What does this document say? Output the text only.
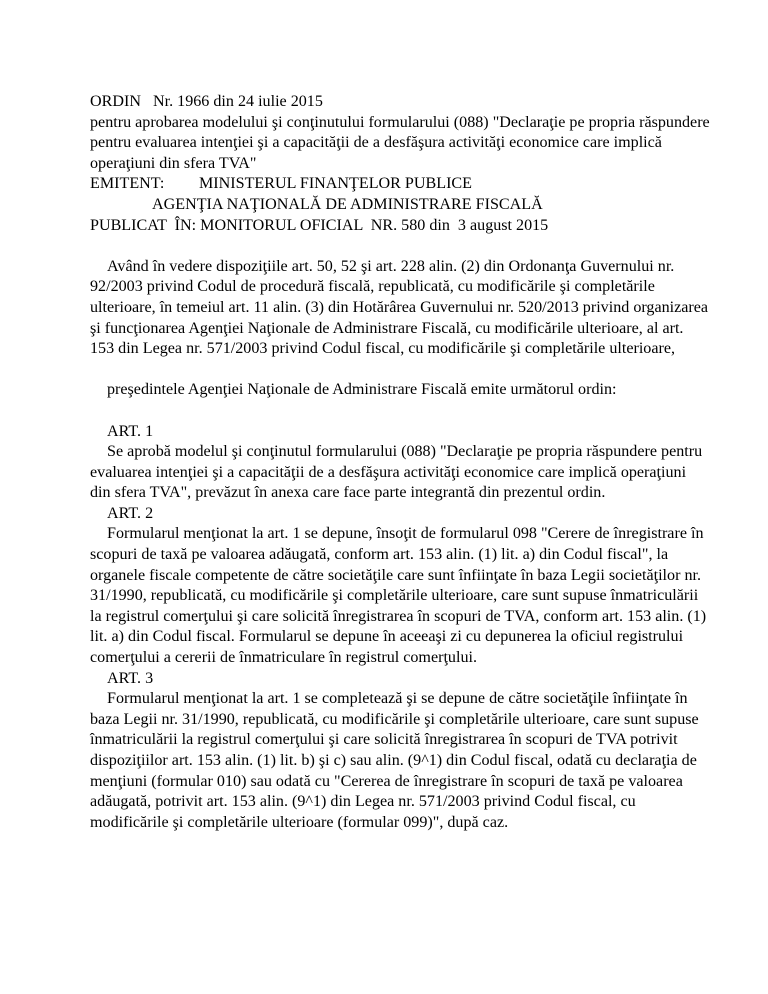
ORDIN   Nr. 1966 din 24 iulie 2015
pentru aprobarea modelului şi conţinutului formularului (088) "Declaraţie pe propria răspundere pentru evaluarea intenţiei şi a capacităţii de a desfăşura activităţi economice care implică operaţiuni din sfera TVA"
EMITENT: MINISTERUL FINANŢELOR PUBLICE
AGENŢIA NAŢIONALĂ DE ADMINISTRARE FISCALĂ
PUBLICAT  ÎN: MONITORUL OFICIAL  NR. 580 din  3 august 2015
Având în vedere dispoziţiile art. 50, 52 şi art. 228 alin. (2) din Ordonanţa Guvernului nr. 92/2003 privind Codul de procedură fiscală, republicată, cu modificările şi completările ulterioare, în temeiul art. 11 alin. (3) din Hotărârea Guvernului nr. 520/2013 privind organizarea şi funcţionarea Agenţiei Naţionale de Administrare Fiscală, cu modificările ulterioare, al art. 153 din Legea nr. 571/2003 privind Codul fiscal, cu modificările şi completările ulterioare,
preşedintele Agenţiei Naţionale de Administrare Fiscală emite următorul ordin:
ART. 1
Se aprobă modelul şi conţinutul formularului (088) "Declaraţie pe propria răspundere pentru evaluarea intenţiei şi a capacităţii de a desfăşura activităţi economice care implică operaţiuni din sfera TVA", prevăzut în anexa care face parte integrantă din prezentul ordin.
ART. 2
Formularul menţionat la art. 1 se depune, însoţit de formularul 098 "Cerere de înregistrare în scopuri de taxă pe valoarea adăugată, conform art. 153 alin. (1) lit. a) din Codul fiscal", la organele fiscale competente de către societăţile care sunt înfiinţate în baza Legii societăţilor nr. 31/1990, republicată, cu modificările şi completările ulterioare, care sunt supuse înmatriculării la registrul comerţului şi care solicită înregistrarea în scopuri de TVA, conform art. 153 alin. (1) lit. a) din Codul fiscal. Formularul se depune în aceeaşi zi cu depunerea la oficiul registrului comerţului a cererii de înmatriculare în registrul comerţului.
ART. 3
Formularul menţionat la art. 1 se completează şi se depune de către societăţile înfiinţate în baza Legii nr. 31/1990, republicată, cu modificările şi completările ulterioare, care sunt supuse înmatriculării la registrul comerţului şi care solicită înregistrarea în scopuri de TVA potrivit dispoziţiilor art. 153 alin. (1) lit. b) şi c) sau alin. (9^1) din Codul fiscal, odată cu declaraţia de menţiuni (formular 010) sau odată cu "Cererea de înregistrare în scopuri de taxă pe valoarea adăugată, potrivit art. 153 alin. (9^1) din Legea nr. 571/2003 privind Codul fiscal, cu modificările şi completările ulterioare (formular 099)", după caz.
